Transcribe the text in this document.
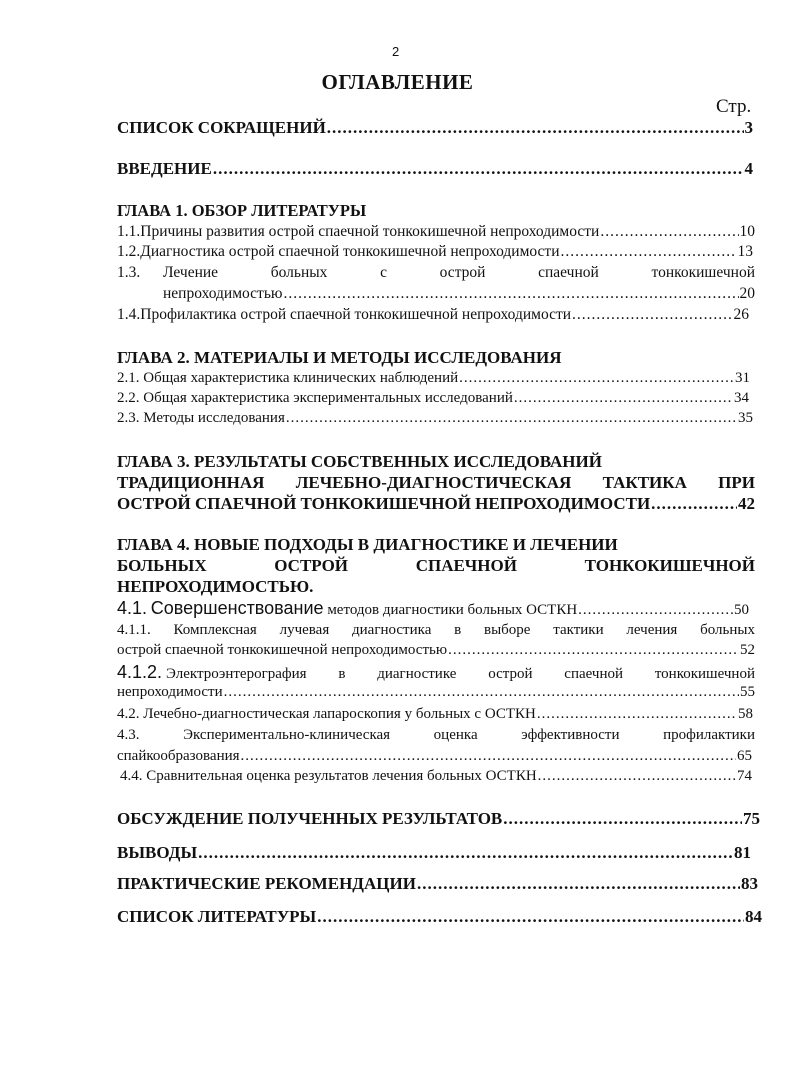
2
ОГЛАВЛЕНИЕ
Стр.
СПИСОК СОКРАЩЕНИЙ .....	3
ВВЕДЕНИЕ .....	4
ГЛАВА 1. ОБЗОР ЛИТЕРАТУРЫ
1.1. Причины развития острой спаечной тонкокишечной непроходимости .....	10
1.2. Диагностика острой спаечной тонкокишечной непроходимости .....	13
1.3. Лечение больных с острой спаечной тонкокишечной
непроходимостью .....	20
1.4. Профилактика острой спаечной тонкокишечной непроходимости .....	26
ГЛАВА 2. МАТЕРИАЛЫ И МЕТОДЫ ИССЛЕДОВАНИЯ
2.1. Общая характеристика клинических наблюдений .....	31
2.2. Общая характеристика экспериментальных исследований .....	34
2.3. Методы исследования .....	35
ГЛАВА 3. РЕЗУЛЬТАТЫ СОБСТВЕННЫХ ИССЛЕДОВАНИЙ
ТРАДИЦИОННАЯ ЛЕЧЕБНО-ДИАГНОСТИЧЕСКАЯ ТАКТИКА ПРИ
ОСТРОЙ СПАЕЧНОЙ ТОНКОКИШЕЧНОЙ НЕПРОХОДИМОСТИ .....	42
ГЛАВА 4. НОВЫЕ ПОДХОДЫ В ДИАГНОСТИКЕ И ЛЕЧЕНИИ
БОЛЬНЫХ ОСТРОЙ СПАЕЧНОЙ ТОНКОКИШЕЧНОЙ
НЕПРОХОДИМОСТЬЮ.
4.1.
Совершенствование
методов диагностики больных ОСТКН .....	50
4.1.1. Комплексная лучевая диагностика в выборе тактики лечения больных
острой спаечной тонкокишечной непроходимостью .....	52
4.1.2. Электроэнтерография в диагностике острой спаечной тонкокишечной
непроходимости .....	55
4.2. Лечебно-диагностическая лапароскопия у больных с ОСТКН .....	58
4.3. Экспериментально-клиническая оценка эффективности профилактики
спайкообразования .....	65
4.4. Сравнительная оценка результатов лечения больных ОСТКН .....	74
ОБСУЖДЕНИЕ ПОЛУЧЕННЫХ РЕЗУЛЬТАТОВ .....	75
ВЫВОДЫ .....	81
ПРАКТИЧЕСКИЕ РЕКОМЕНДАЦИИ .....	83
СПИСОК ЛИТЕРАТУРЫ .....	84
